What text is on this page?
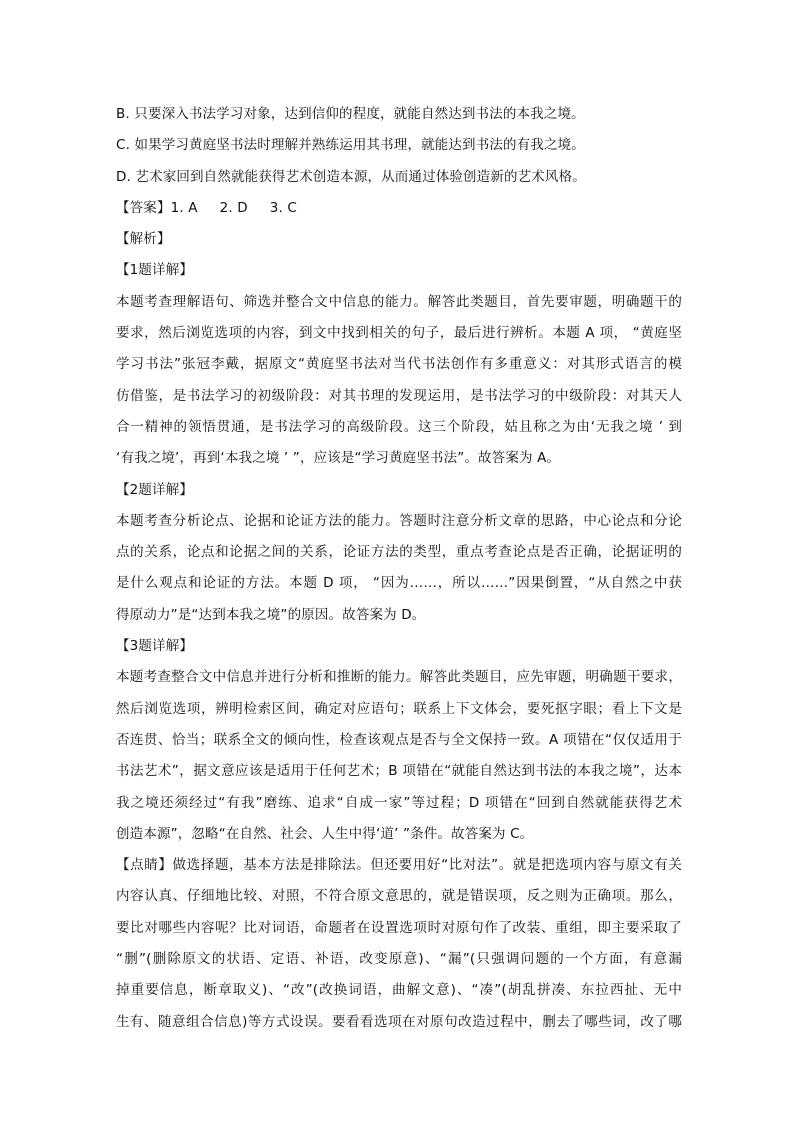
B. 只要深入书法学习对象，达到信仰的程度，就能自然达到书法的本我之境。
C. 如果学习黄庭坚书法时理解并熟练运用其书理，就能达到书法的有我之境。
D. 艺术家回到自然就能获得艺术创造本源，从而通过体验创造新的艺术风格。
【答案】1. A 2. D 3. C
【解析】
【1题详解】
本题考查理解语句、筛选并整合文中信息的能力。解答此类题目，首先要审题，明确题干的
要求，然后浏览选项的内容，到文中找到相关的句子，最后进行辨析。本题 A 项， “黄庭坚
学习书法”张冠李戴，据原文“黄庭坚书法对当代书法创作有多重意义：对其形式语言的模
仿借鉴，是书法学习的初级阶段：对其书理的发现运用，是书法学习的中级阶段：对其天人
合一精神的领悟贯通，是书法学习的高级阶段。这三个阶段，姑且称之为由‘无我之境 ’ 到
‘有我之境’，再到‘本我之境 ’ ”，应该是“学习黄庭坚书法”。故答案为 A。
【2题详解】
本题考查分析论点、论据和论证方法的能力。答题时注意分析文章的思路，中心论点和分论
点的关系，论点和论据之间的关系，论证方法的类型，重点考查论点是否正确，论据证明的
是什么观点和论证的方法。本题 D 项， “因为……，所以……”因果倒置，“从自然之中获
得原动力”是“达到本我之境”的原因。故答案为 D。
【3题详解】
本题考查整合文中信息并进行分析和推断的能力。解答此类题目，应先审题，明确题干要求，
然后浏览选项，辨明检索区间，确定对应语句；联系上下文体会，要死抠字眼；看上下文是
否连贯、恰当；联系全文的倾向性，检查该观点是否与全文保持一致。A 项错在“仅仅适用于
书法艺术”，据文意应该是适用于任何艺术；B 项错在“就能自然达到书法的本我之境”，达本
我之境还须经过“有我”磨练、追求“自成一家”等过程；D 项错在“回到自然就能获得艺术
创造本源”，忽略“在自然、社会、人生中得‘道’ ”条件。故答案为 C。
【点睛】做选择题，基本方法是排除法。但还要用好“比对法”。就是把选项内容与原文有关
内容认真、仔细地比较、对照，不符合原文意思的，就是错误项，反之则为正确项。那么，
要比对哪些内容呢？比对词语，命题者在设置选项时对原句作了改装、重组，即主要采取了
“删”(删除原文的状语、定语、补语，改变原意)、“漏”(只强调问题的一个方面，有意漏
掉重要信息，断章取义)、“改”(改换词语，曲解文意)、“凑”(胡乱拼凑、东拉西扯、无中
生有、随意组合信息)等方式设误。要看看选项在对原句改造过程中，删去了哪些词，改了哪
